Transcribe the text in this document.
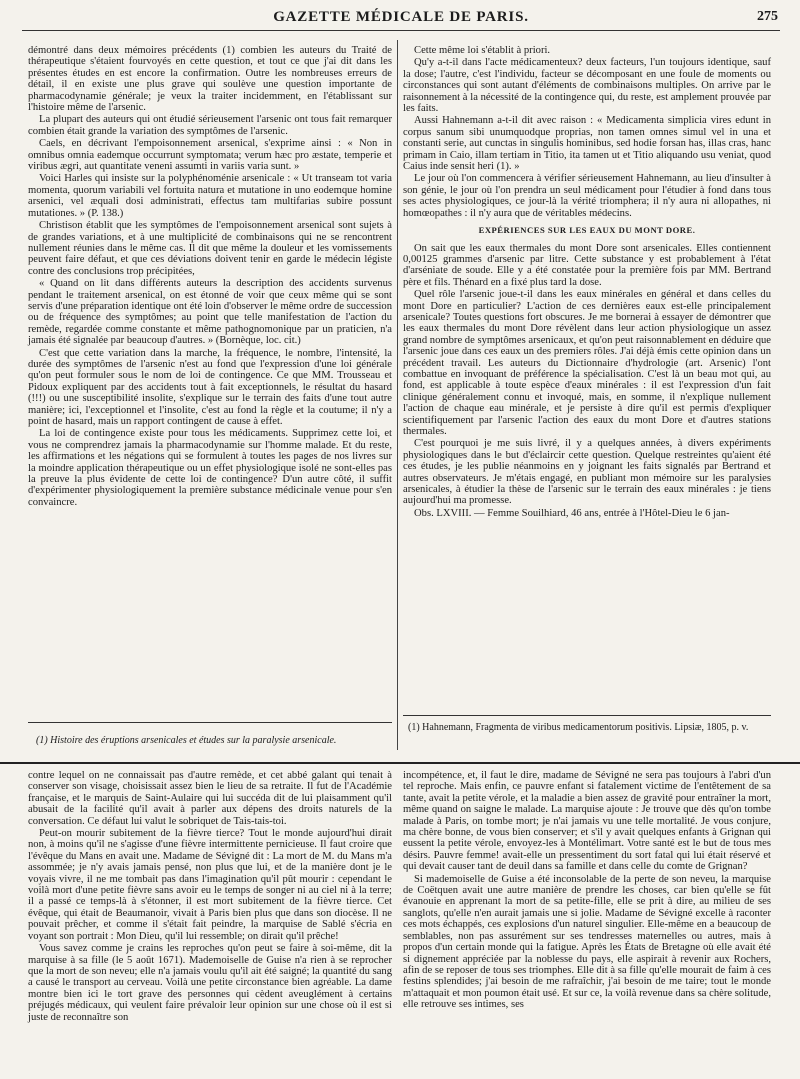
GAZETTE MÉDICALE DE PARIS.	275

démontré dans deux mémoires précédents (1) combien les auteurs du Traité de thérapeutique s'étaient fourvoyés en cette question, et tout ce que j'ai dit dans les présentes études en est encore la confirmation. Outre les nombreuses erreurs de détail, il en existe une plus grave qui soulève une question importante de pharmacodynamie générale; je veux la traiter incidemment, en l'établissant sur l'histoire même de l'arsenic.

La plupart des auteurs qui ont étudié sérieusement l'arsenic ont tous fait remarquer combien était grande la variation des symptômes de l'arsenic.

Caels, en décrivant l'empoisonnement arsenical, s'exprime ainsi : « Non in omnibus omnia eademque occurrunt symptomata; verum hæc pro æstate, temperie et viribus ægri, aut quantitate veneni assumti in variis varia sunt. »

Voici Harles qui insiste sur la polyphénoménie arsenicale : « Ut transeam tot varia momenta, quorum variabili vel fortuita natura et mutatione in uno eodemque homine arsenici, vel æquali dosi administrati, effectus tam multifarias subire possunt mutationes. » (P. 138.)

Christison établit que les symptômes de l'empoisonnement arsenical sont sujets à de grandes variations, et à une multiplicité de combinaisons qui ne se rencontrent nullement réunies dans le même cas. Il dit que même la douleur et les vomissements peuvent faire défaut, et que ces déviations doivent tenir en garde le médecin légiste contre des conclusions trop précipitées,

« Quand on lit dans différents auteurs la description des accidents survenus pendant le traitement arsenical, on est étonné de voir que ceux même qui se sont servis d'une préparation identique ont été loin d'observer le même ordre de succession ou de fréquence des symptômes; au point que telle manifestation de l'action du remède, regardée comme constante et même pathognomonique par un praticien, n'a jamais été signalée par beaucoup d'autres. » (Bornèque, loc. cit.)

C'est que cette variation dans la marche, la fréquence, le nombre, l'intensité, la durée des symptômes de l'arsenic n'est au fond que l'expression d'une loi générale qu'on peut formuler sous le nom de loi de contingence. Ce que MM. Trousseau et Pidoux expliquent par des accidents tout à fait exceptionnels, le résultat du hasard (!!!) ou une susceptibilité insolite, s'explique sur le terrain des faits d'une tout autre manière; ici, l'exceptionnel et l'insolite, c'est au fond la règle et la coutume; il n'y a point de hasard, mais un rapport contingent de cause à effet.

La loi de contingence existe pour tous les médicaments. Supprimez cette loi, et vous ne comprendrez jamais la pharmacodynamie sur l'homme malade. Et du reste, les affirmations et les négations qui se formulent à toutes les pages de nos livres sur la moindre application thérapeutique ou un effet physiologique isolé ne sont-elles pas la preuve la plus évidente de cette loi de contingence? D'un autre côté, il suffit d'expérimenter physiologiquement la première substance médicinale venue pour s'en convaincre.

(1) Histoire des éruptions arsenicales et études sur la paralysie arsenicale.

Cette même loi s'établit à priori.

Qu'y a-t-il dans l'acte médicamenteux? deux facteurs, l'un toujours identique, sauf la dose; l'autre, c'est l'individu, facteur se décomposant en une foule de moments ou circonstances qui sont autant d'éléments de combinaisons multiples. On arrive par le raisonnement à la nécessité de la contingence qui, du reste, est amplement prouvée par les faits.

Aussi Hahnemann a-t-il dit avec raison : « Medicamenta simplicia vires edunt in corpus sanum sibi unumquodque proprias, non tamen omnes simul vel in una et constanti serie, aut cunctas in singulis hominibus, sed hodie forsan has, illas cras, hanc primam in Caio, illam tertiam in Titio, ita tamen ut et Titio aliquando usu veniat, quod Caius inde sensit heri (1). »

Le jour où l'on commencera à vérifier sérieusement Hahnemann, au lieu d'insulter à son génie, le jour où l'on prendra un seul médicament pour l'étudier à fond dans tous ses actes physiologiques, ce jour-là la vérité triomphera; il n'y aura ni allopathes, ni homœopathes : il n'y aura que de véritables médecins.

EXPÉRIENCES SUR LES EAUX DU MONT DORE.

On sait que les eaux thermales du mont Dore sont arsenicales. Elles contiennent 0,00125 grammes d'arsenic par litre. Cette substance y est probablement à l'état d'arséniate de soude. Elle y a été constatée pour la première fois par MM. Bertrand père et fils. Thénard en a fixé plus tard la dose.

Quel rôle l'arsenic joue-t-il dans les eaux minérales en général et dans celles du mont Dore en particulier? L'action de ces dernières eaux est-elle principalement arsenicale? Toutes questions fort obscures. Je me bornerai à essayer de démontrer que les eaux thermales du mont Dore révèlent dans leur action physiologique un assez grand nombre de symptômes arsenicaux, et qu'on peut raisonnablement en déduire que l'arsenic joue dans ces eaux un des premiers rôles. J'ai déjà émis cette opinion dans un précédent travail. Les auteurs du Dictionnaire d'hydrologie (art. Arsenic) l'ont combattue en invoquant de préférence la spécialisation. C'est là un beau mot qui, au fond, est applicable à toute espèce d'eaux minérales : il est l'expression d'un fait clinique généralement connu et invoqué, mais, en somme, il n'explique nullement l'action de chaque eau minérale, et je persiste à dire qu'il est permis d'expliquer scientifiquement par l'arsenic l'action des eaux du mont Dore et d'autres stations thermales.

C'est pourquoi je me suis livré, il y a quelques années, à divers expériments physiologiques dans le but d'éclaircir cette question. Quelque restreintes qu'aient été ces études, je les publie néanmoins en y joignant les faits signalés par Bertrand et autres observateurs. Je m'étais engagé, en publiant mon mémoire sur les paralysies arsenicales, à étudier la thèse de l'arsenic sur le terrain des eaux minérales : je tiens aujourd'hui ma promesse.

Obs. LXVIII. — Femme Souilhiard, 46 ans, entrée à l'Hôtel-Dieu le 6 jan-

(1) Hahnemann, Fragmenta de viribus medicamentorum positivis. Lipsiæ, 1805, p. v.

contre lequel on ne connaissait pas d'autre remède, et cet abbé galant qui tenait à conserver son visage, choisissait assez bien le lieu de sa retraite. Il fut de l'Académie française, et le marquis de Saint-Aulaire qui lui succéda dit de lui plaisamment qu'il abusait de la facilité qu'il avait à parler aux dépens des droits naturels de la conversation. Ce défaut lui valut le sobriquet de Tais-tais-toi.

Peut-on mourir subitement de la fièvre tierce? Tout le monde aujourd'hui dirait non, à moins qu'il ne s'agisse d'une fièvre intermittente pernicieuse. Il faut croire que l'évêque du Mans en avait une. Madame de Sévigné dit : La mort de M. du Mans m'a assommée; je n'y avais jamais pensé, non plus que lui, et de la manière dont je le voyais vivre, il ne me tombait pas dans l'imagination qu'il pût mourir : cependant le voilà mort d'une petite fièvre sans avoir eu le temps de songer ni au ciel ni à la terre; il a passé ce temps-là à s'étonner, il est mort subitement de la fièvre tierce. Cet évêque, qui était de Beaumanoir, vivait à Paris bien plus que dans son diocèse. Il ne pouvait prêcher, et comme il s'était fait peindre, la marquise de Sablé s'écria en voyant son portrait : Mon Dieu, qu'il lui ressemble; on dirait qu'il prêche!

Vous savez comme je crains les reproches qu'on peut se faire à soi-même, dit la marquise à sa fille (le 5 août 1671). Mademoiselle de Guise n'a rien à se reprocher que la mort de son neveu; elle n'a jamais voulu qu'il ait été saigné; la quantité du sang a causé le transport au cerveau. Voilà une petite circonstance bien agréable. La dame montre bien ici le tort grave des personnes qui cèdent aveuglément à certains préjugés médicaux, qui veulent faire prévaloir leur opinion sur une chose où il est si juste de reconnaître son

incompétence, et, il faut le dire, madame de Sévigné ne sera pas toujours à l'abri d'un tel reproche. Mais enfin, ce pauvre enfant si fatalement victime de l'entêtement de sa tante, avait la petite vérole, et la maladie a bien assez de gravité pour entraîner la mort, même quand on saigne le malade. La marquise ajoute : Je trouve que dès qu'on tombe malade à Paris, on tombe mort; je n'ai jamais vu une telle mortalité. Je vous conjure, ma chère bonne, de vous bien conserver; et s'il y avait quelques enfants à Grignan qui eussent la petite vérole, envoyez-les à Montélimart. Votre santé est le but de tous mes désirs. Pauvre femme! avait-elle un pressentiment du sort fatal qui lui était réservé et qui devait causer tant de deuil dans sa famille et dans celle du comte de Grignan?

Si mademoiselle de Guise a été inconsolable de la perte de son neveu, la marquise de Coëtquen avait une autre manière de prendre les choses, car bien qu'elle se fût évanouie en apprenant la mort de sa petite-fille, elle se prit à dire, au milieu de ses sanglots, qu'elle n'en aurait jamais une si jolie. Madame de Sévigné excelle à raconter ces mots échappés, ces explosions d'un naturel singulier. Elle-même en a beaucoup de semblables, non pas assurément sur ses tendresses maternelles ou autres, mais à propos d'un certain monde qui la fatigue. Après les États de Bretagne où elle avait été si dignement appréciée par la noblesse du pays, elle aspirait à revenir aux Rochers, afin de se reposer de tous ses triomphes. Elle dit à sa fille qu'elle mourait de faim à ces festins splendides; j'ai besoin de me rafraîchir, j'ai besoin de me taire; tout le monde m'attaquait et mon poumon était usé. Et sur ce, la voilà revenue dans sa chère solitude, elle retrouve ses intimes, ses
